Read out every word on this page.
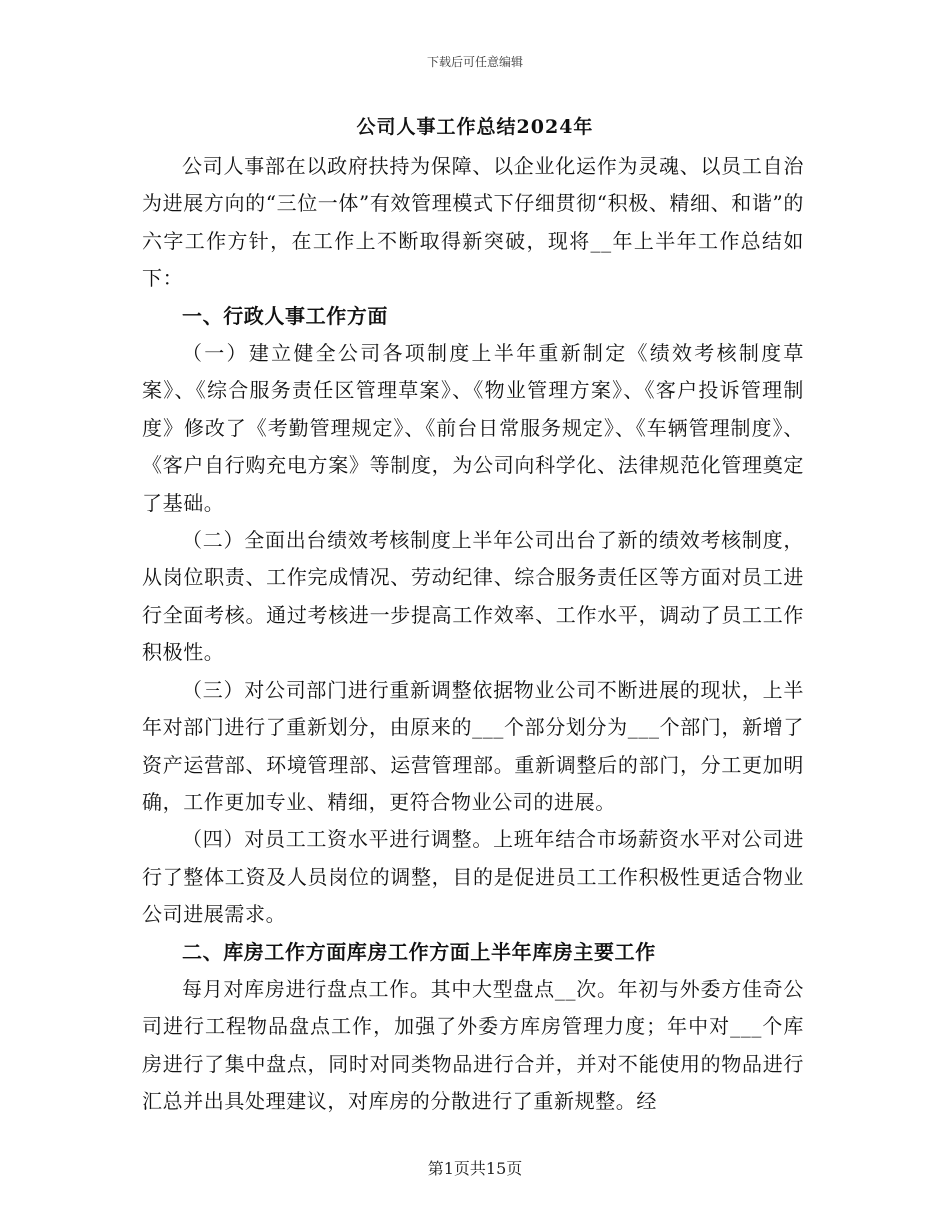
下载后可任意编辑
公司人事工作总结2024年

公司人事部在以政府扶持为保障、以企业化运作为灵魂、以员工自治为进展方向的“三位一体”有效管理模式下仔细贯彻“积极、精细、和谐”的六字工作方针，在工作上不断取得新突破，现将__年上半年工作总结如下：

一、行政人事工作方面

（一）建立健全公司各项制度上半年重新制定《绩效考核制度草案》、《综合服务责任区管理草案》、《物业管理方案》、《客户投诉管理制度》修改了《考勤管理规定》、《前台日常服务规定》、《车辆管理制度》、《客户自行购充电方案》等制度，为公司向科学化、法律规范化管理奠定了基础。

（二）全面出台绩效考核制度上半年公司出台了新的绩效考核制度，从岗位职责、工作完成情况、劳动纪律、综合服务责任区等方面对员工进行全面考核。通过考核进一步提高工作效率、工作水平，调动了员工工作积极性。

（三）对公司部门进行重新调整依据物业公司不断进展的现状，上半年对部门进行了重新划分，由原来的___个部分划分为___个部门，新增了资产运营部、环境管理部、运营管理部。重新调整后的部门，分工更加明确，工作更加专业、精细，更符合物业公司的进展。

（四）对员工工资水平进行调整。上班年结合市场薪资水平对公司进行了整体工资及人员岗位的调整，目的是促进员工工作积极性更适合物业公司进展需求。

二、库房工作方面库房工作方面上半年库房主要工作

每月对库房进行盘点工作。其中大型盘点__次。年初与外委方佳奇公司进行工程物品盘点工作，加强了外委方库房管理力度；年中对___个库房进行了集中盘点，同时对同类物品进行合并，并对不能使用的物品进行汇总并出具处理建议，对库房的分散进行了重新规整。经

第1页共15页
